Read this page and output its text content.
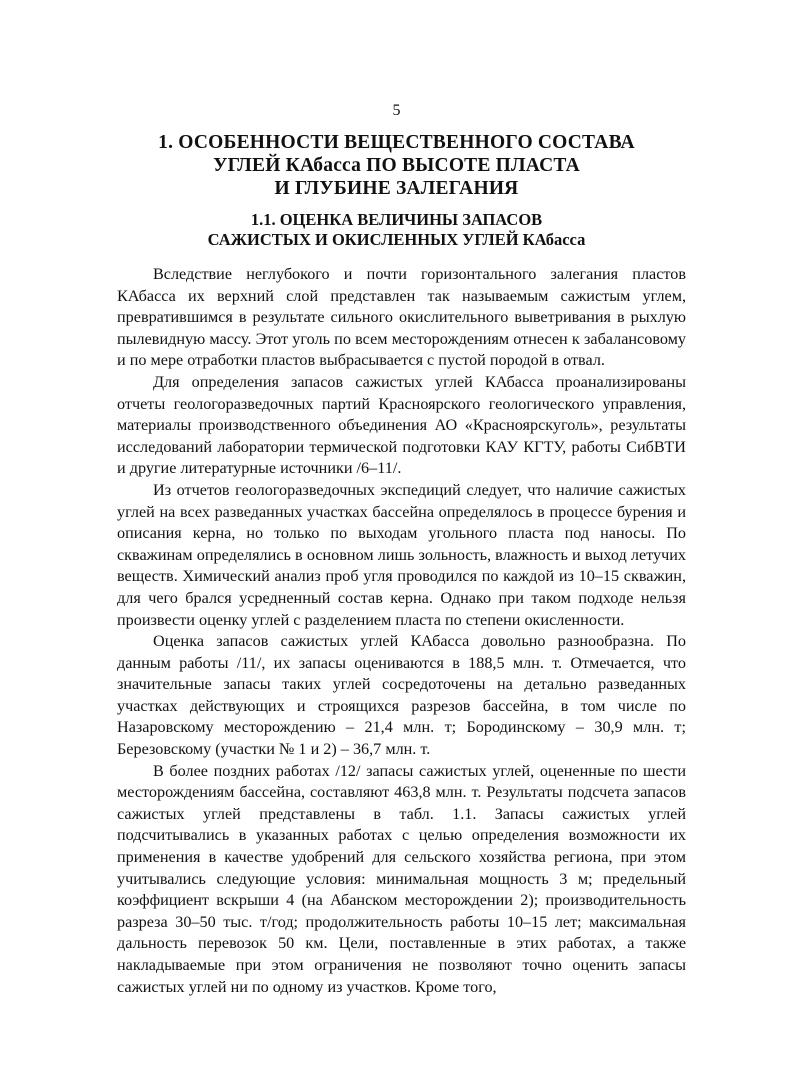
5
1. ОСОБЕННОСТИ ВЕЩЕСТВЕННОГО СОСТАВА
УГЛЕЙ КАбасса ПО ВЫСОТЕ ПЛАСТА
И ГЛУБИНЕ ЗАЛЕГАНИЯ
1.1. ОЦЕНКА ВЕЛИЧИНЫ ЗАПАСОВ
САЖИСТЫХ И ОКИСЛЕННЫХ УГЛЕЙ КАбасса

Вследствие неглубокого и почти горизонтального залегания пластов КАбасса их верхний слой представлен так называемым сажистым углем, превратившимся в результате сильного окислительного выветривания в рыхлую пылевидную массу. Этот уголь по всем месторождениям отнесен к забалансовому и по мере отработки пластов выбрасывается с пустой породой в отвал.

Для определения запасов сажистых углей КАбасса проанализированы отчеты геологоразведочных партий Красноярского геологического управления, материалы производственного объединения АО «Красноярскуголь», результаты исследований лаборатории термической подготовки КАУ КГТУ, работы СибВТИ и другие литературные источники /6–11/.

Из отчетов геологоразведочных экспедиций следует, что наличие сажистых углей на всех разведанных участках бассейна определялось в процессе бурения и описания керна, но только по выходам угольного пласта под наносы. По скважинам определялись в основном лишь зольность, влажность и выход летучих веществ. Химический анализ проб угля проводился по каждой из 10–15 скважин, для чего брался усредненный состав керна. Однако при таком подходе нельзя произвести оценку углей с разделением пласта по степени окисленности.

Оценка запасов сажистых углей КАбасса довольно разнообразна. По данным работы /11/, их запасы оцениваются в 188,5 млн. т. Отмечается, что значительные запасы таких углей сосредоточены на детально разведанных участках действующих и строящихся разрезов бассейна, в том числе по Назаровскому месторождению – 21,4 млн. т; Бородинскому – 30,9 млн. т; Березовскому (участки № 1 и 2) – 36,7 млн. т.

В более поздних работах /12/ запасы сажистых углей, оцененные по шести месторождениям бассейна, составляют 463,8 млн. т. Результаты подсчета запасов сажистых углей представлены в табл. 1.1. Запасы сажистых углей подсчитывались в указанных работах с целью определения возможности их применения в качестве удобрений для сельского хозяйства региона, при этом учитывались следующие условия: минимальная мощность 3 м; предельный коэффициент вскрыши 4 (на Абанском месторождении 2); производительность разреза 30–50 тыс. т/год; продолжительность работы 10–15 лет; максимальная дальность перевозок 50 км. Цели, поставленные в этих работах, а также накладываемые при этом ограничения не позволяют точно оценить запасы сажистых углей ни по одному из участков. Кроме того,
